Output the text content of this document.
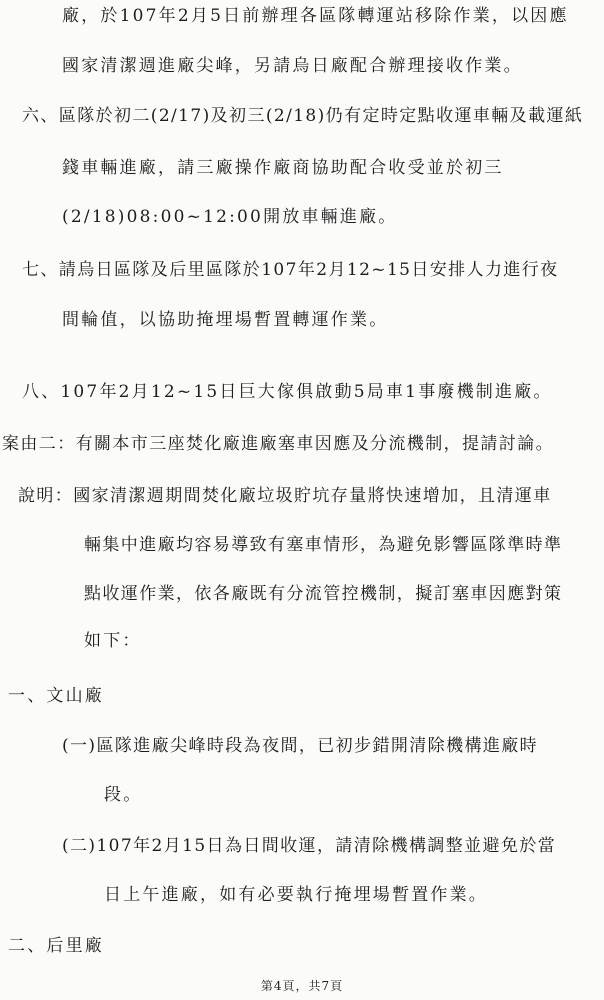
廠，於107年2月5日前辦理各區隊轉運站移除作業，以因應
國家清潔週進廠尖峰，另請烏日廠配合辦理接收作業。
六、區隊於初二(2/17)及初三(2/18)仍有定時定點收運車輛及載運紙
錢車輛進廠，請三廠操作廠商協助配合收受並於初三
(2/18)08:00~12:00開放車輛進廠。
七、請烏日區隊及后里區隊於107年2月12~15日安排人力進行夜
間輪值，以協助掩埋場暫置轉運作業。
八、107年2月12~15日巨大傢俱啟動5局車1事廢機制進廠。
案由二：有關本市三座焚化廠進廠塞車因應及分流機制，提請討論。
說明：國家清潔週期間焚化廠垃圾貯坑存量將快速增加，且清運車
輛集中進廠均容易導致有塞車情形，為避免影響區隊準時準
點收運作業，依各廠既有分流管控機制，擬訂塞車因應對策
如下：
一、文山廠
(一)區隊進廠尖峰時段為夜間，已初步錯開清除機構進廠時
段。
(二)107年2月15日為日間收運，請清除機構調整並避免於當
日上午進廠，如有必要執行掩埋場暫置作業。
二、后里廠
第4頁，共7頁
